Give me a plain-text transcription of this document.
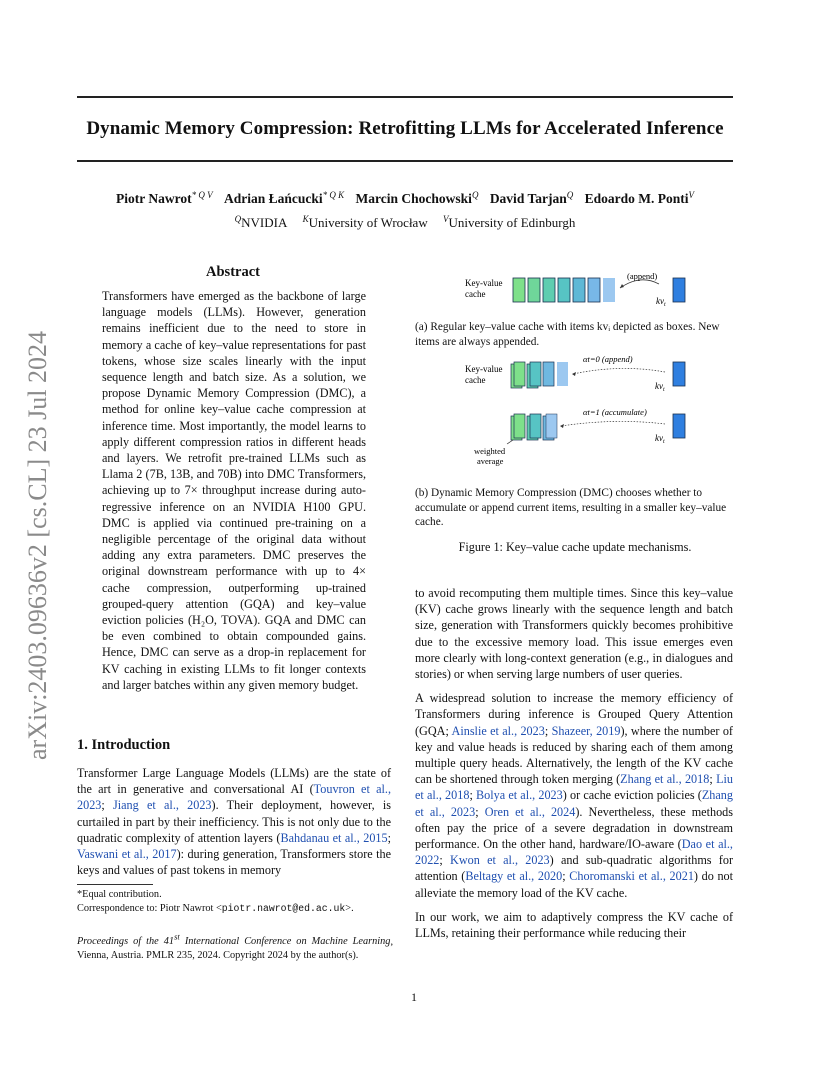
Dynamic Memory Compression: Retrofitting LLMs for Accelerated Inference
Piotr Nawrot$^{* Q V}$ Adrian Łańcucki$^{* Q K}$ Marcin Chochowski$^Q$ David Tarjan$^Q$ Edoardo M. Ponti$^V$
$^Q$NVIDIA $^K$University of Wrocław $^V$University of Edinburgh
arXiv:2403.09636v2 [cs.CL] 23 Jul 2024
Abstract

Transformers have emerged as the backbone of large language models (LLMs). However, generation remains inefficient due to the need to store in memory a cache of key–value representations for past tokens, whose size scales linearly with the input sequence length and batch size. As a solution, we propose Dynamic Memory Compression (DMC), a method for online key–value cache compression at inference time. Most importantly, the model learns to apply different compression ratios in different heads and layers. We retrofit pre-trained LLMs such as Llama 2 (7B, 13B, and 70B) into DMC Transformers, achieving up to 7× throughput increase during auto-regressive inference on an NVIDIA H100 GPU. DMC is applied via continued pre-training on a negligible percentage of the original data without adding any extra parameters. DMC preserves the original downstream performance with up to 4× cache compression, outperforming up-trained grouped-query attention (GQA) and key–value eviction policies (H₂O, TOVA). GQA and DMC can be even combined to obtain compounded gains. Hence, DMC can serve as a drop-in replacement for KV caching in existing LLMs to fit longer contexts and larger batches within any given memory budget.

1. Introduction

Transformer Large Language Models (LLMs) are the state of the art in generative and conversational AI (Touvron et al., 2023; Jiang et al., 2023). Their deployment, however, is curtailed in part by their inefficiency. This is not only due to the quadratic complexity of attention layers (Bahdanau et al., 2015; Vaswani et al., 2017): during generation, Transformers store the keys and values of past tokens in memory

*Equal contribution.
Correspondence to: Piotr Nawrot <piotr.nawrot@ed.ac.uk>.
Proceedings of the 41st International Conference on Machine Learning, Vienna, Austria. PMLR 235, 2024. Copyright 2024 by the author(s).
1
Key-value
cache
(append)
$kv_t$

(a) Regular key–value cache with items kvᵢ depicted as boxes. New items are always appended.

Key-value
cache
αt=0 (append)
$kv_t$
αt=1 (accumulate)
$kv_t$
weighted
average

(b) Dynamic Memory Compression (DMC) chooses whether to accumulate or append current items, resulting in a smaller key–value cache.

Figure 1: Key–value cache update mechanisms.

to avoid recomputing them multiple times. Since this key–value (KV) cache grows linearly with the sequence length and batch size, generation with Transformers quickly becomes prohibitive due to the excessive memory load. This issue emerges even more clearly with long-context generation (e.g., in dialogues and stories) or when serving large numbers of user queries.

A widespread solution to increase the memory efficiency of Transformers during inference is Grouped Query Attention (GQA; Ainslie et al., 2023; Shazeer, 2019), where the number of key and value heads is reduced by sharing each of them among multiple query heads. Alternatively, the length of the KV cache can be shortened through token merging (Zhang et al., 2018; Liu et al., 2018; Bolya et al., 2023) or cache eviction policies (Zhang et al., 2023; Oren et al., 2024). Nevertheless, these methods often pay the price of a severe degradation in downstream performance. On the other hand, hardware/IO-aware (Dao et al., 2022; Kwon et al., 2023) and sub-quadratic algorithms for attention (Beltagy et al., 2020; Choromanski et al., 2021) do not alleviate the memory load of the KV cache.

In our work, we aim to adaptively compress the KV cache of LLMs, retaining their performance while reducing their
